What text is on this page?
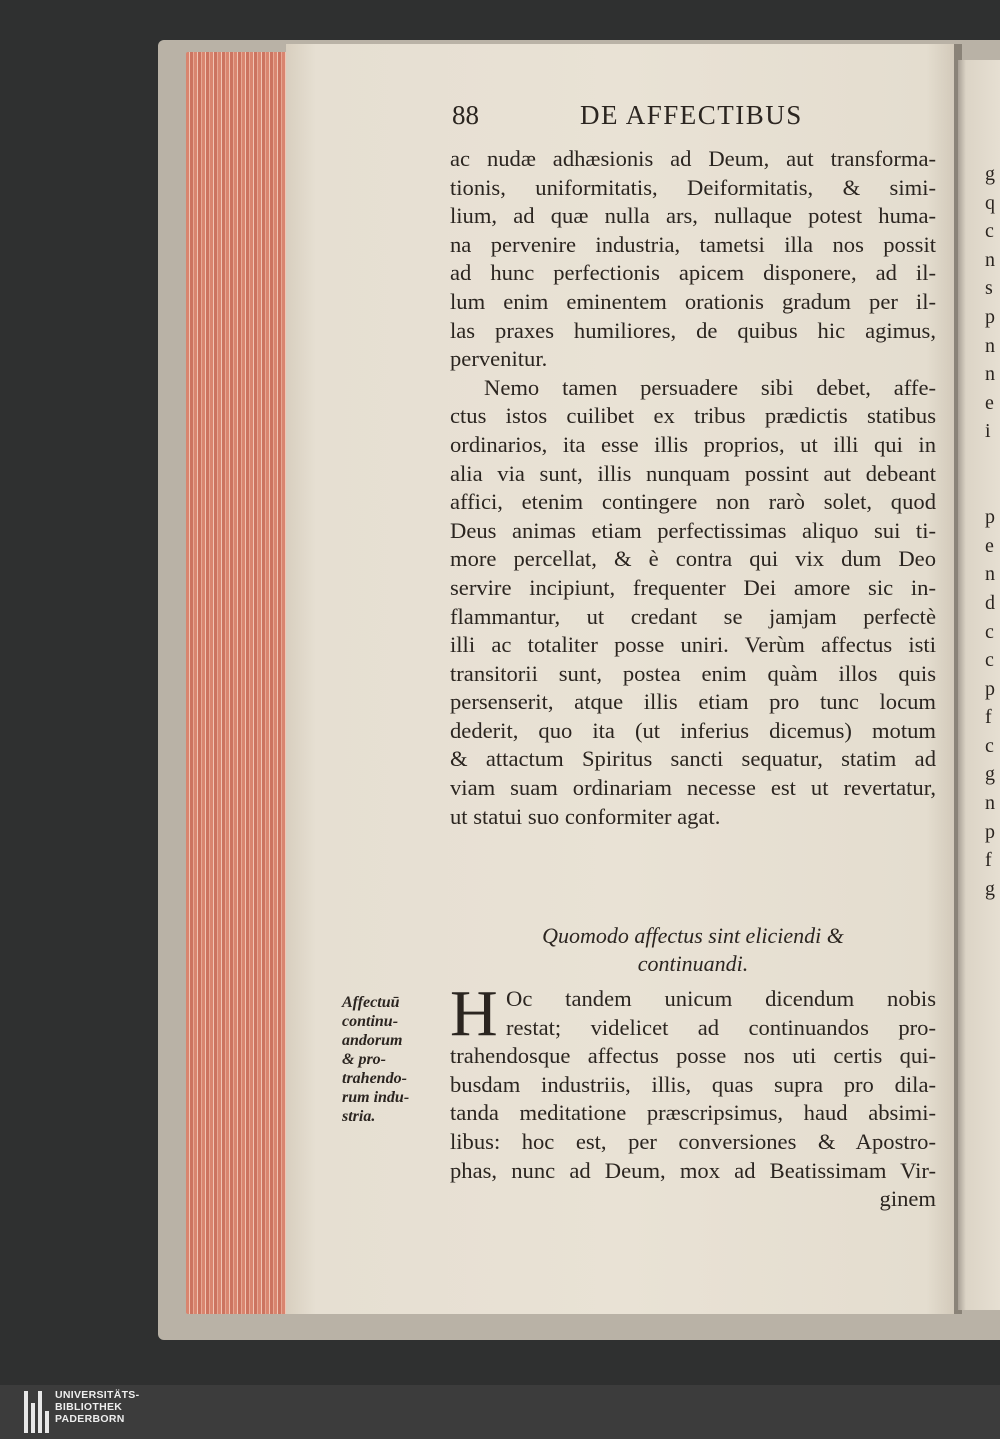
88	DE AFFECTIBUS
ac nudæ adhæsionis ad Deum, aut transforma-
tionis, uniformitatis, Deiformitatis, & simi-
lium, ad quæ nulla ars, nullaque potest huma-
na pervenire industria, tametsi illa nos possit
ad hunc perfectionis apicem disponere, ad il-
lum enim eminentem orationis gradum per il-
las praxes humiliores, de quibus hic agimus,
pervenitur.
Nemo tamen persuadere sibi debet, affe-
ctus istos cuilibet ex tribus prædictis statibus
ordinarios, ita esse illis proprios, ut illi qui in
alia via sunt, illis nunquam possint aut debeant
affici, etenim contingere non rarò solet, quod
Deus animas etiam perfectissimas aliquo sui ti-
more percellat, & è contra qui vix dum Deo
servire incipiunt, frequenter Dei amore sic in-
flammantur, ut credant se jamjam perfectè
illi ac totaliter posse uniri. Verùm affectus isti
transitorii sunt, postea enim quàm illos quis
persenserit, atque illis etiam pro tunc locum
dederit, quo ita (ut inferius dicemus) motum
& attactum Spiritus sancti sequatur, statim ad
viam suam ordinariam necesse est ut revertatur,
ut statui suo conformiter agat.
Quomodo affectus sint eliciendi &
continuandi.
H Oc tandem unicum dicendum nobis
restat; videlicet ad continuandos pro-
trahendosque affectus posse nos uti certis qui-
busdam industriis, illis, quas supra pro dila-
tanda meditatione præscripsimus, haud absimi-
libus: hoc est, per conversiones & Apostro-
phas, nunc ad Deum, mox ad Beatissimam Vir-
ginem
Affectuū
continu-
andorum
& pro-
trahendo-
rum indu-
stria.
g
q
c
n
s
p
n
n
e
i

p
e
n
d
c
c
p
f
c
g
n
p
f
g
UNIVERSITÄTS-
BIBLIOTHEK
PADERBORN
